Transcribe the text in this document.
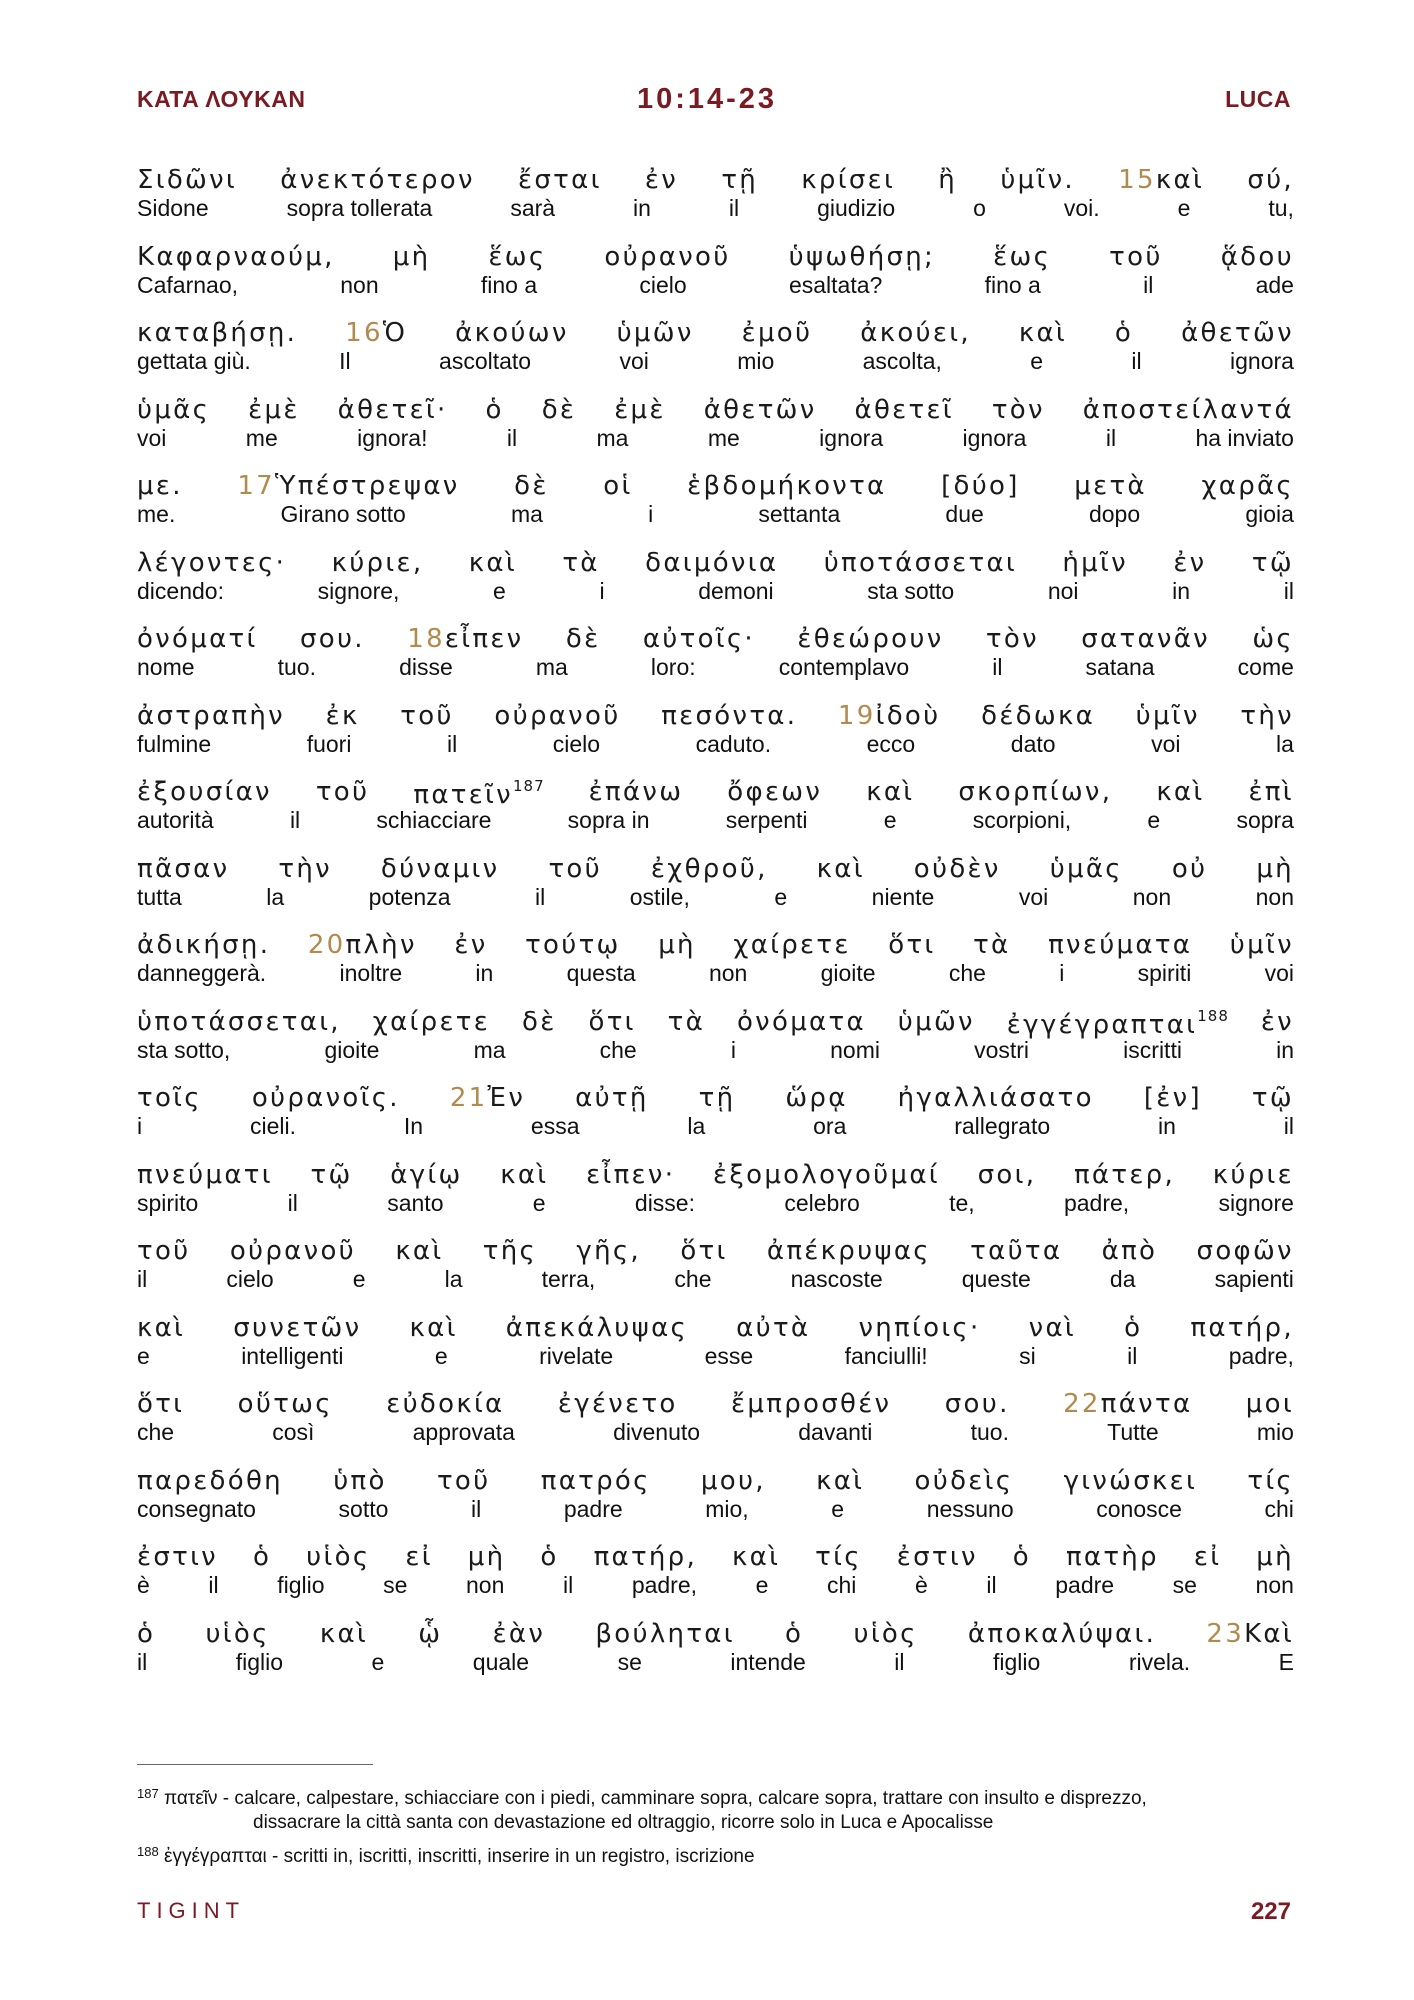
ΚΑΤΑ ΛΟΥΚΑΝ	10:14-23	LUCA
Σιδῶνι ἀνεκτότερον ἔσται ἐν τῇ κρίσει ἢ ὑμῖν. 15καὶ σύ,
Sidone	sopra tollerata	sarà	in	il	giudizio	o	voi.	e	tu,
Καφαρναούμ, μὴ ἕως οὐρανοῦ ὑψωθήσῃ; ἕως τοῦ ᾅδου
Cafarnao,	non	fino a	cielo	esaltata?	fino a	il	ade
καταβήσῃ. 16Ὁ ἀκούων ὑμῶν ἐμοῦ ἀκούει, καὶ ὁ ἀθετῶν
gettata giù.	Il	ascoltato	voi	mio	ascolta,	e	il	ignora
ὑμᾶς ἐμὲ ἀθετεῖ· ὁ δὲ ἐμὲ ἀθετῶν ἀθετεῖ τὸν ἀποστείλαντά
voi	me	ignora!	il	ma	me	ignora	ignora	il	ha inviato
με. 17Ὑπέστρεψαν δὲ οἱ ἑβδομήκοντα [δύο] μετὰ χαρᾶς
me.	Girano sotto	ma	i	settanta	due	dopo	gioia
λέγοντες· κύριε, καὶ τὰ δαιμόνια ὑποτάσσεται ἡμῖν ἐν τῷ
dicendo:	signore,	e	i	demoni	sta sotto	noi	in	il
ὀνόματί σου. 18εἶπεν δὲ αὐτοῖς· ἐθεώρουν τὸν σατανᾶν ὡς
nome	tuo.	disse	ma	loro:	contemplavo	il	satana	come
ἀστραπὴν ἐκ τοῦ οὐρανοῦ πεσόντα. 19ἰδοὺ δέδωκα ὑμῖν τὴν
fulmine	fuori	il	cielo	caduto.	ecco	dato	voi	la
ἐξουσίαν τοῦ πατεῖν187 ἐπάνω ὄφεων καὶ σκορπίων, καὶ ἐπὶ
autorità	il	schiacciare	sopra in	serpenti	e	scorpioni,	e	sopra
πᾶσαν τὴν δύναμιν τοῦ ἐχθροῦ, καὶ οὐδὲν ὑμᾶς οὐ μὴ
tutta	la	potenza	il	ostile,	e	niente	voi	non	non
ἀδικήσῃ. 20πλὴν ἐν τούτῳ μὴ χαίρετε ὅτι τὰ πνεύματα ὑμῖν
danneggerà.	inoltre	in	questa	non	gioite	che	i	spiriti	voi
ὑποτάσσεται, χαίρετε δὲ ὅτι τὰ ὀνόματα ὑμῶν ἐγγέγραπται188 ἐν
sta sotto,	gioite	ma	che	i	nomi	vostri	iscritti	in
τοῖς οὐρανοῖς. 21Ἐν αὐτῇ τῇ ὥρᾳ ἠγαλλιάσατο [ἐν] τῷ
i	cieli.	In	essa	la	ora	rallegrato	in	il
πνεύματι τῷ ἁγίῳ καὶ εἶπεν· ἐξομολογοῦμαί σοι, πάτερ, κύριε
spirito	il	santo	e	disse:	celebro	te,	padre,	signore
τοῦ οὐρανοῦ καὶ τῆς γῆς, ὅτι ἀπέκρυψας ταῦτα ἀπὸ σοφῶν
il	cielo	e	la	terra,	che	nascoste	queste	da	sapienti
καὶ συνετῶν καὶ ἀπεκάλυψας αὐτὰ νηπίοις· ναὶ ὁ πατήρ,
e	intelligenti	e	rivelate	esse	fanciulli!	si	il	padre,
ὅτι οὕτως εὐδοκία ἐγένετο ἔμπροσθέν σου. 22πάντα μοι
che	così	approvata	divenuto	davanti	tuo.	Tutte	mio
παρεδόθη ὑπὸ τοῦ πατρός μου, καὶ οὐδεὶς γινώσκει τίς
consegnato	sotto	il	padre	mio,	e	nessuno	conosce	chi
ἐστιν ὁ υἱὸς εἰ μὴ ὁ πατήρ, καὶ τίς ἐστιν ὁ πατὴρ εἰ μὴ
è	il	figlio	se	non	il	padre,	e	chi	è	il	padre	se	non
ὁ υἱὸς καὶ ᾧ ἐὰν βούληται ὁ υἱὸς ἀποκαλύψαι. 23Καὶ
il	figlio	e	quale	se	intende	il	figlio	rivela.	E
$^{187}$ πατεῖν - calcare, calpestare, schiacciare con i piedi, camminare sopra, calcare sopra, trattare con insulto e disprezzo,
dissacrare la città santa con devastazione ed oltraggio, ricorre solo in Luca e Apocalisse
$^{188}$ ἐγγέγραπται - scritti in, iscritti, inscritti, inserire in un registro, iscrizione
TIGINT	227
